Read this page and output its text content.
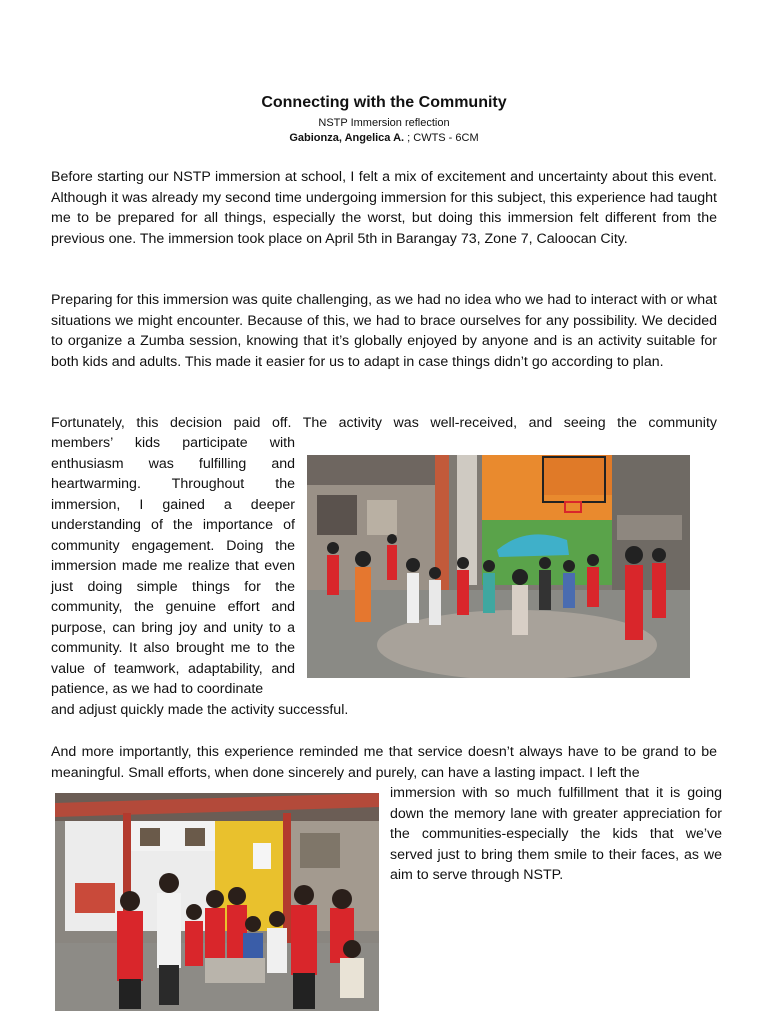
Connecting with the Community
NSTP Immersion reflection
Gabionza, Angelica A. ; CWTS - 6CM

Before starting our NSTP immersion at school, I felt a mix of excitement and uncertainty about this event. Although it was already my second time undergoing immersion for this subject, this experience had taught me to be prepared for all things, especially the worst, but doing this immersion felt different from the previous one. The immersion took place on April 5th in Barangay 73, Zone 7, Caloocan City.

Preparing for this immersion was quite challenging, as we had no idea who we had to interact with or what situations we might encounter. Because of this, we had to brace ourselves for any possibility. We decided to organize a Zumba session, knowing that it’s globally enjoyed by anyone and is an activity suitable for both kids and adults. This made it easier for us to adapt in case things didn’t go according to plan.

Fortunately, this decision paid off. The activity was well-received, and seeing the community

members’ kids participate with enthusiasm was fulfilling and heartwarming. Throughout the immersion, I gained a deeper understanding of the importance of community engagement. Doing the immersion made me realize that even just doing simple things for the community, the genuine effort and purpose, can bring joy and unity to a community. It also brought me to the value of teamwork, adaptability, and patience, as we had to coordinate

and adjust quickly made the activity successful.

And more importantly, this experience reminded me that service doesn’t always have to be grand to be meaningful. Small efforts, when done sincerely and purely, can have a lasting impact. I left the

immersion with so much fulfillment that it is going down the memory lane with greater appreciation for the communities-especially the kids that we’ve served just to bring them smile to their faces, as we aim to serve through NSTP.
